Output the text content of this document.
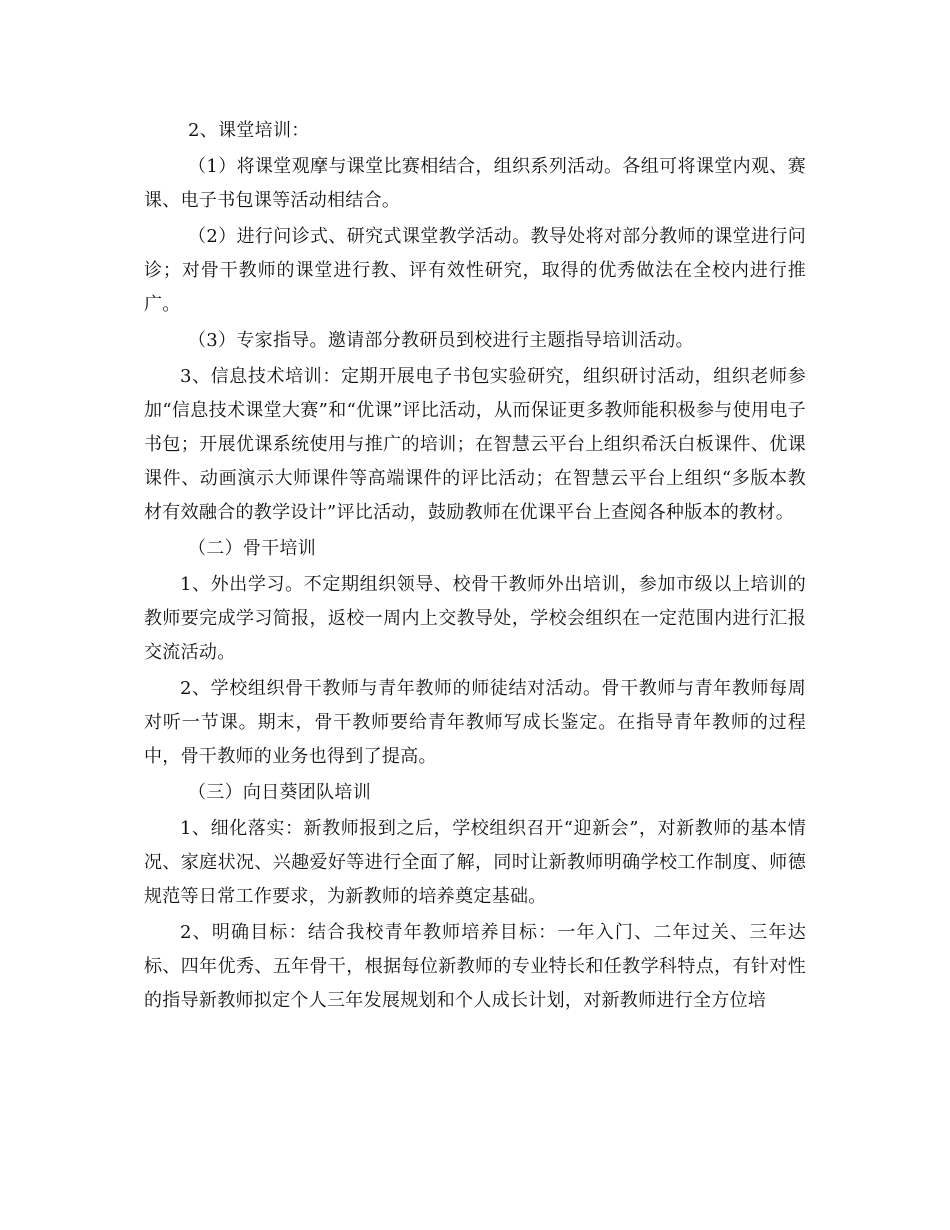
2、课堂培训：

（1）将课堂观摩与课堂比赛相结合，组织系列活动。各组可将课堂内观、赛课、电子书包课等活动相结合。

（2）进行问诊式、研究式课堂教学活动。教导处将对部分教师的课堂进行问诊；对骨干教师的课堂进行教、评有效性研究，取得的优秀做法在全校内进行推广。

（3）专家指导。邀请部分教研员到校进行主题指导培训活动。

3、信息技术培训：定期开展电子书包实验研究，组织研讨活动，组织老师参加“信息技术课堂大赛”和“优课”评比活动，从而保证更多教师能积极参与使用电子书包；开展优课系统使用与推广的培训；在智慧云平台上组织希沃白板课件、优课课件、动画演示大师课件等高端课件的评比活动；在智慧云平台上组织“多版本教材有效融合的教学设计”评比活动，鼓励教师在优课平台上查阅各种版本的教材。

（二）骨干培训

1、外出学习。不定期组织领导、校骨干教师外出培训，参加市级以上培训的教师要完成学习简报，返校一周内上交教导处，学校会组织在一定范围内进行汇报交流活动。

2、学校组织骨干教师与青年教师的师徒结对活动。骨干教师与青年教师每周对听一节课。期末，骨干教师要给青年教师写成长鉴定。在指导青年教师的过程中，骨干教师的业务也得到了提高。

（三）向日葵团队培训

1、细化落实：新教师报到之后，学校组织召开“迎新会”，对新教师的基本情况、家庭状况、兴趣爱好等进行全面了解，同时让新教师明确学校工作制度、师德规范等日常工作要求，为新教师的培养奠定基础。

2、明确目标：结合我校青年教师培养目标：一年入门、二年过关、三年达标、四年优秀、五年骨干，根据每位新教师的专业特长和任教学科特点，有针对性的指导新教师拟定个人三年发展规划和个人成长计划，对新教师进行全方位培
